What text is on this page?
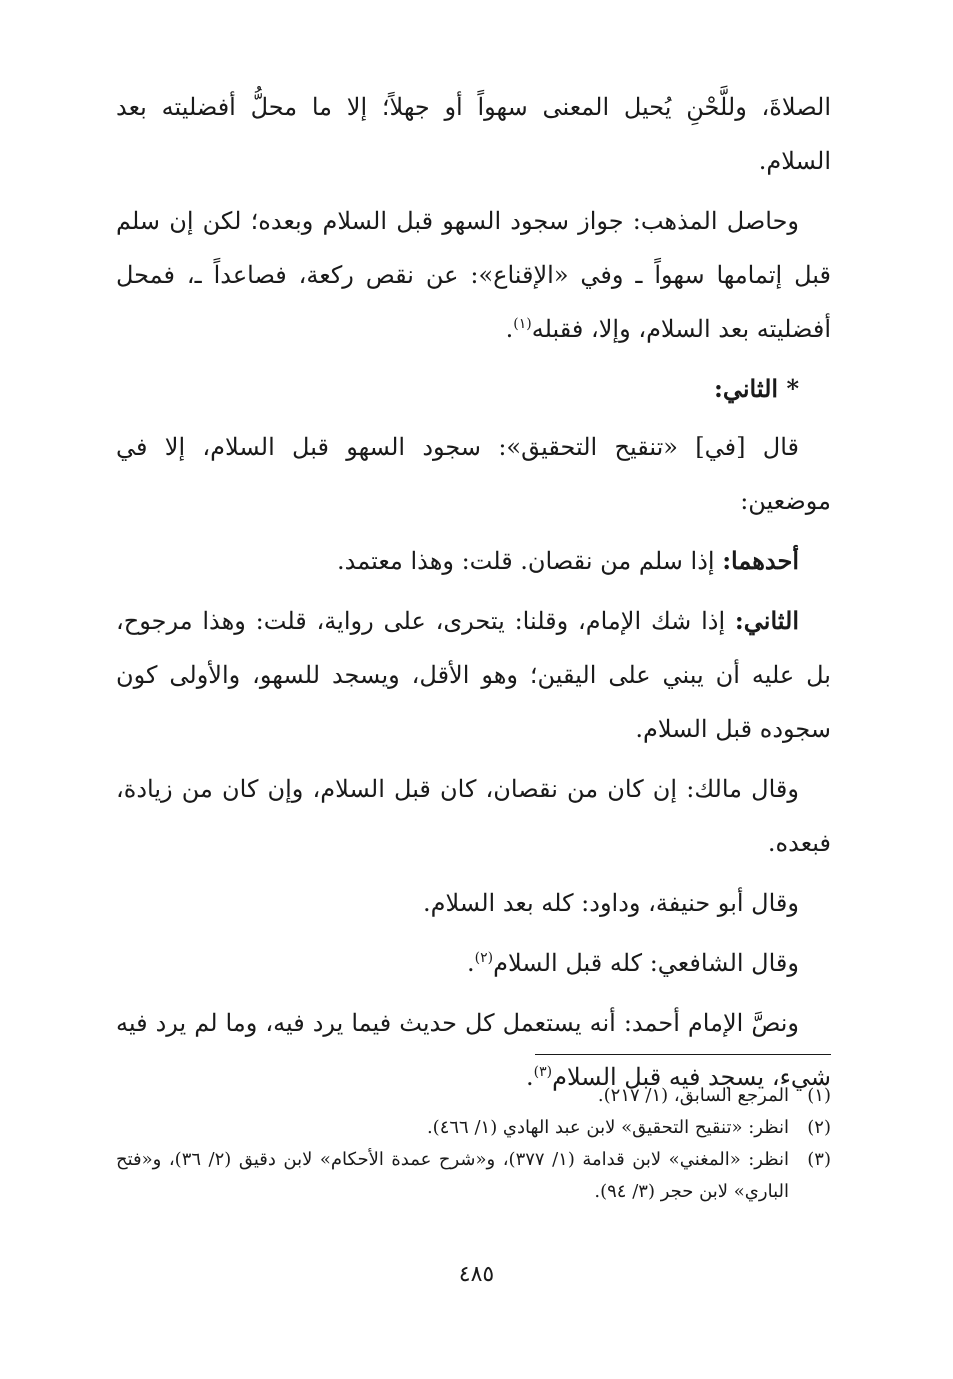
الصلاةَ، وللَّحْنِ يُحيل المعنى سهواً أو جهلاً؛ إلا ما محلُّ أفضليته بعد السلام.

وحاصل المذهب: جواز سجود السهو قبل السلام وبعده؛ لكن إن سلم قبل إتمامها سهواً ـ وفي «الإقناع»: عن نقص ركعة، فصاعداً ـ، فمحل أفضليته بعد السلام، وإلا، فقبله$^{(١)}$.

* الثاني:

قال [في] «تنقيح التحقيق»: سجود السهو قبل السلام، إلا في موضعين:

أحدهما: إذا سلم من نقصان. قلت: وهذا معتمد.

الثاني: إذا شك الإمام، وقلنا: يتحرى، على رواية، قلت: وهذا مرجوح، بل عليه أن يبني على اليقين؛ وهو الأقل، ويسجد للسهو، والأولى كون سجوده قبل السلام.

وقال مالك: إن كان من نقصان، كان قبل السلام، وإن كان من زيادة، فبعده.

وقال أبو حنيفة، وداود: كله بعد السلام.

وقال الشافعي: كله قبل السلام$^{(٢)}$.

ونصَّ الإمام أحمد: أنه يستعمل كل حديث فيما يرد فيه، وما لم يرد فيه شيء، يسجد فيه قبل السلام$^{(٣)}$.

(١)
المرجع السابق، (١/ ٢١٧).
(٢)
انظر: «تنقيح التحقيق» لابن عبد الهادي (١/ ٤٦٦).
(٣)
انظر: «المغني» لابن قدامة (١/ ٣٧٧)، و«شرح عمدة الأحكام» لابن دقيق (٢/ ٣٦)، و«فتح الباري» لابن حجر (٣/ ٩٤).
٤٨٥
